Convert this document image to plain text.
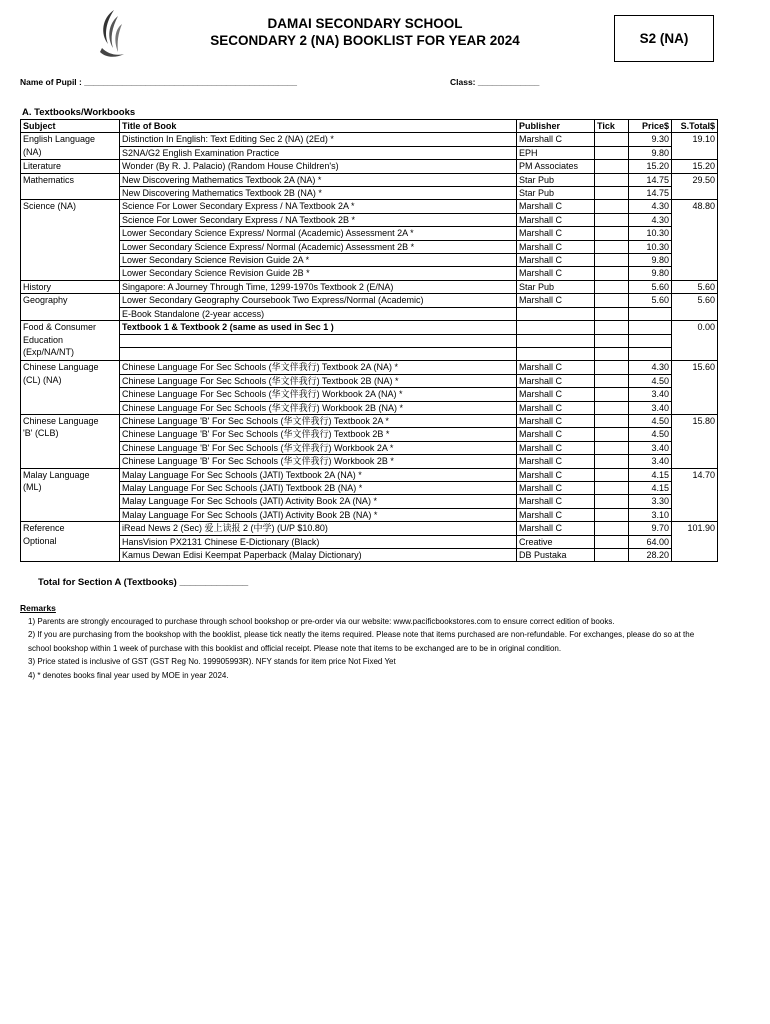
DAMAI SECONDARY SCHOOL
SECONDARY 2 (NA) BOOKLIST FOR YEAR 2024	S2 (NA)
Name of Pupil : _____________________________________________	Class: _____________
A. Textbooks/Workbooks
Subject	Title of Book	Publisher	Tick	Price$	S.Total$

English Language
(NA)	Distinction In English: Text Editing Sec 2 (NA) (2Ed) *	Marshall C		9.30	19.10
	S2NA/G2 English Examination Practice	EPH		9.80	

Literature	Wonder (By R. J. Palacio) (Random House Children's)	PM Associates		15.20	15.20

Mathematics	New Discovering Mathematics Textbook 2A (NA) *	Star Pub		14.75	29.50
	New Discovering Mathematics Textbook 2B (NA) *	Star Pub		14.75	

Science (NA)	Science For Lower Secondary Express / NA Textbook 2A *	Marshall C		4.30	48.80
	Science For Lower Secondary Express / NA Textbook 2B *	Marshall C		4.30	
	Lower Secondary Science Express/ Normal (Academic) Assessment 2A *	Marshall C		10.30	
	Lower Secondary Science Express/ Normal (Academic) Assessment 2B *	Marshall C		10.30	
	Lower Secondary Science Revision Guide 2A *	Marshall C		9.80	
	Lower Secondary Science Revision Guide 2B *	Marshall C		9.80	

History	Singapore: A Journey Through Time, 1299-1970s Textbook 2 (E/NA)	Star Pub		5.60	5.60

Geography	Lower Secondary Geography Coursebook Two Express/Normal (Academic)	Marshall C		5.60	5.60
	E-Book Standalone (2-year access)				

Food & Consumer
Education
(Exp/NA/NT)	Textbook 1 & Textbook 2 (same as used in Sec 1 )				0.00

Chinese Language
(CL) (NA)	Chinese Language For Sec Schools (华文伴我行) Textbook 2A (NA) *	Marshall C		4.30	15.60
	Chinese Language For Sec Schools (华文伴我行) Textbook 2B (NA) *	Marshall C		4.50	
	Chinese Language For Sec Schools (华文伴我行) Workbook 2A (NA) *	Marshall C		3.40	
	Chinese Language For Sec Schools (华文伴我行) Workbook 2B (NA) *	Marshall C		3.40	

Chinese Language
'B' (CLB)	Chinese Language 'B' For Sec Schools (华文伴我行) Textbook 2A *	Marshall C		4.50	15.80
	Chinese Language 'B' For Sec Schools (华文伴我行) Textbook 2B *	Marshall C		4.50	
	Chinese Language 'B' For Sec Schools (华文伴我行) Workbook 2A *	Marshall C		3.40	
	Chinese Language 'B' For Sec Schools (华文伴我行) Workbook 2B *	Marshall C		3.40	

Malay Language
(ML)	Malay Language For Sec Schools (JATI) Textbook 2A (NA) *	Marshall C		4.15	14.70
	Malay Language For Sec Schools (JATI) Textbook 2B (NA) *	Marshall C		4.15	
	Malay Language For Sec Schools (JATI) Activity Book 2A (NA) *	Marshall C		3.30	
	Malay Language For Sec Schools (JATI) Activity Book 2B (NA) *	Marshall C		3.10	

Reference
Optional	iRead News 2 (Sec) 爱上读报 2 (中学) (U/P $10.80)	Marshall C		9.70	101.90
	HansVision PX2131 Chinese E-Dictionary (Black)	Creative		64.00	
	Kamus Dewan Edisi Keempat Paperback (Malay Dictionary)	DB Pustaka		28.20	
Total for Section A (Textbooks) _____________
Remarks

1) Parents are strongly encouraged to purchase through school bookshop or pre-order via our website: www.pacificbookstores.com to ensure correct edition of books.

2) If you are purchasing from the bookshop with the booklist, please tick neatly the items required. Please note that items purchased are non-refundable. For exchanges, please do so at the school bookshop within 1 week of purchase with this booklist and official receipt. Please note that items to be exchanged are to be in original condition.

3) Price stated is inclusive of GST (GST Reg No. 199905993R). NFY stands for item price Not Fixed Yet

4) * denotes books final year used by MOE in year 2024.
